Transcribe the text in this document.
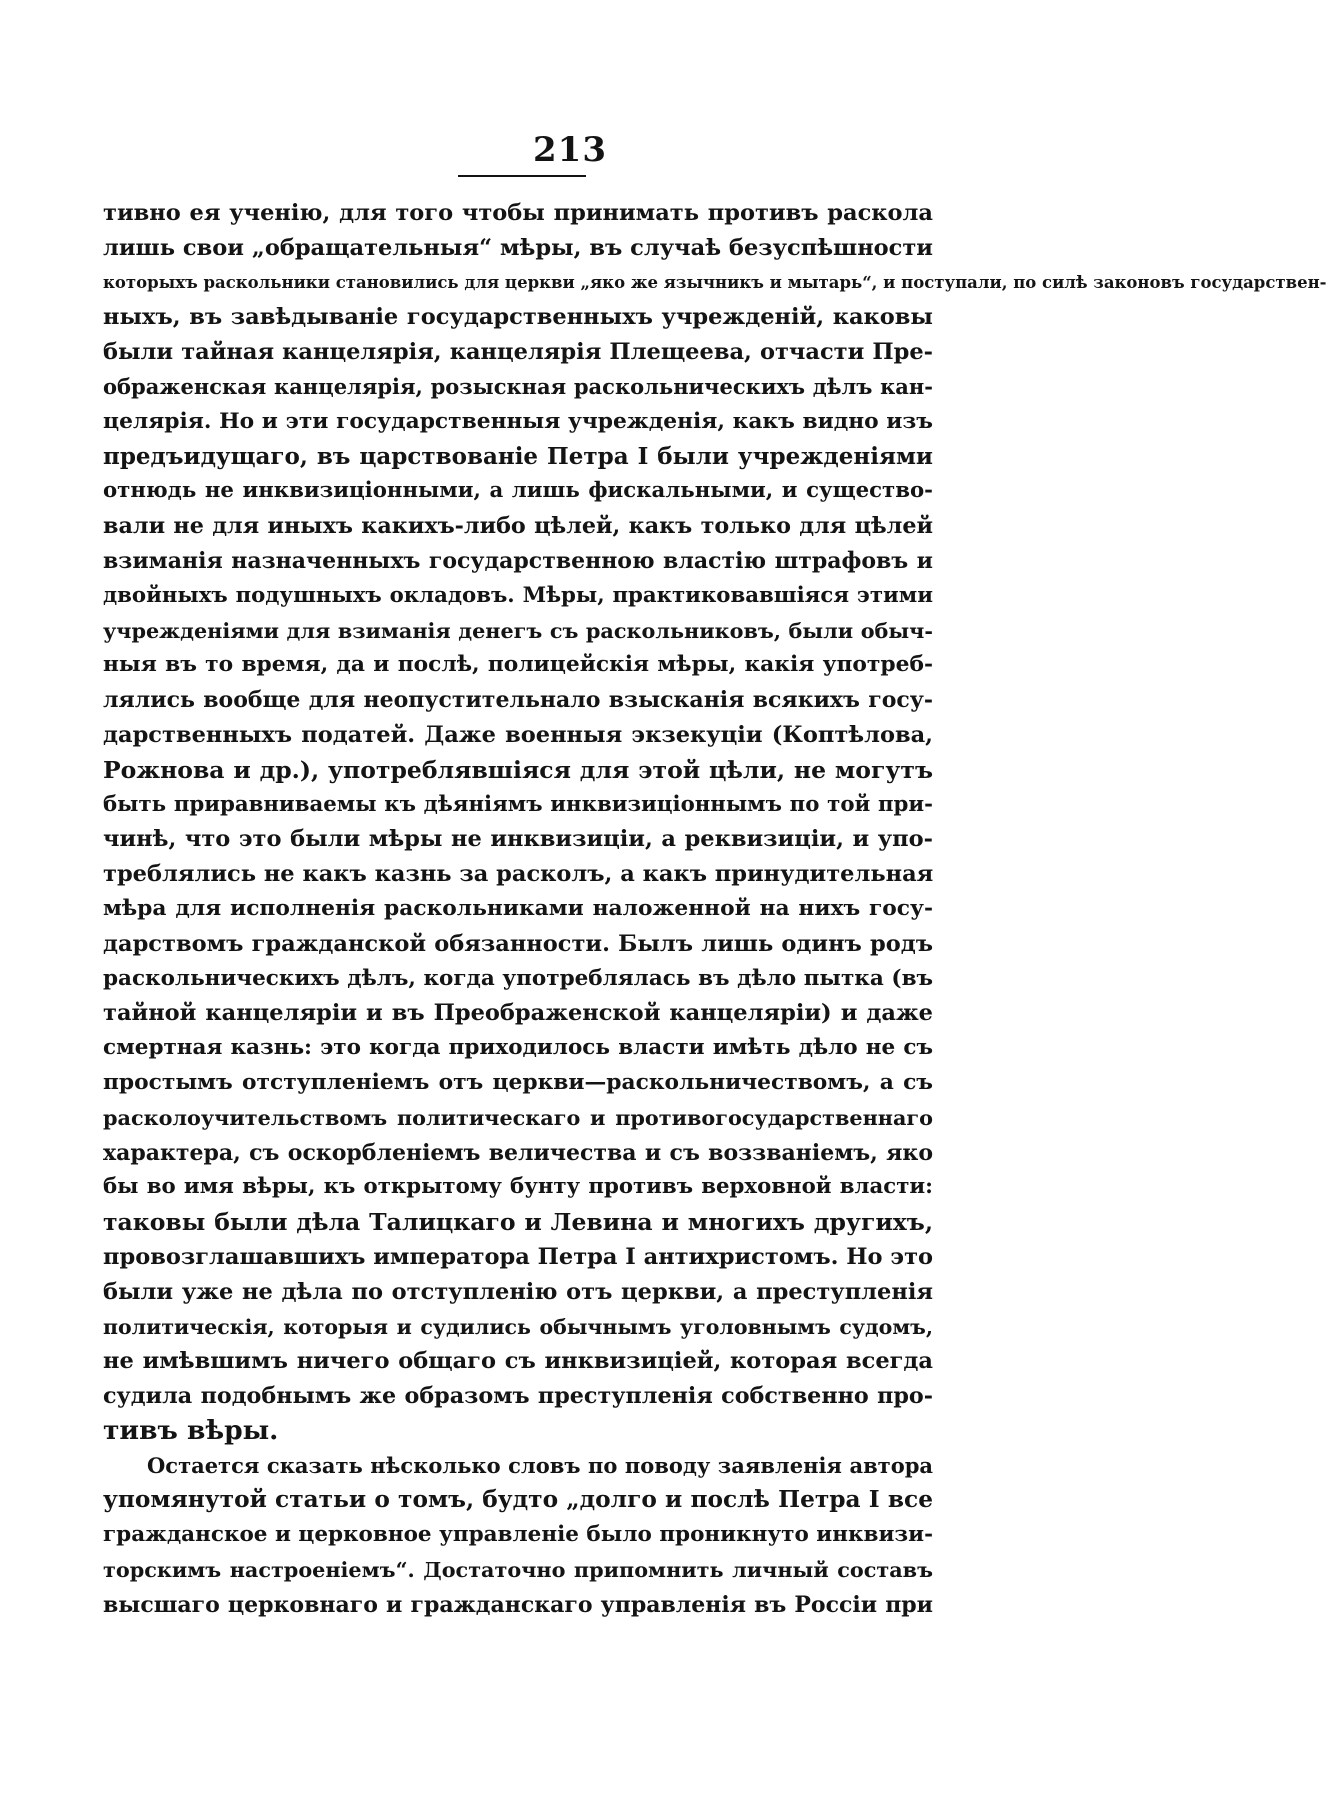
213
тивно ея ученію, для того чтобы принимать противъ раскола
лишь свои „обращательныя“ мѣры, въ случаѣ безуспѣшности
которыхъ раскольники становились для церкви „яко же язычникъ и мытарь“, и поступали, по силѣ законовъ государствен-
ныхъ, въ завѣдываніе государственныхъ учрежденій, каковы
были тайная канцелярія, канцелярія Плещеева, отчасти Пре-
ображенская канцелярія, розыскная раскольническихъ дѣлъ кан-
целярія. Но и эти государственныя учрежденія, какъ видно изъ
предъидущаго, въ царствованіе Петра I были учрежденіями
отнюдь не инквизиціонными, а лишь фискальными, и существо-
вали не для иныхъ какихъ-либо цѣлей, какъ только для цѣлей
взиманія назначенныхъ государственною властію штрафовъ и
двойныхъ подушныхъ окладовъ. Мѣры, практиковавшіяся этими
учрежденіями для взиманія денегъ съ раскольниковъ, были обыч-
ныя въ то время, да и послѣ, полицейскія мѣры, какія употреб-
лялись вообще для неопустительнало взысканія всякихъ госу-
дарственныхъ податей. Даже военныя экзекуціи (Коптѣлова,
Рожнова и др.), употреблявшіяся для этой цѣли, не могутъ
быть приравниваемы къ дѣяніямъ инквизиціоннымъ по той при-
чинѣ, что это были мѣры не инквизиціи, а реквизиціи, и упо-
треблялись не какъ казнь за расколъ, а какъ принудительная
мѣра для исполненія раскольниками наложенной на нихъ госу-
дарствомъ гражданской обязанности. Былъ лишь одинъ родъ
раскольническихъ дѣлъ, когда употреблялась въ дѣло пытка (въ
тайной канцеляріи и въ Преображенской канцеляріи) и даже
смертная казнь: это когда приходилось власти имѣть дѣло не съ
простымъ отступленіемъ отъ церкви—раскольничествомъ, а съ
расколоучительствомъ политическаго и противогосударственнаго
характера, съ оскорбленіемъ величества и съ воззваніемъ, яко
бы во имя вѣры, къ открытому бунту противъ верховной власти:
таковы были дѣла Талицкаго и Левина и многихъ другихъ,
провозглашавшихъ императора Петра I антихристомъ. Но это
были уже не дѣла по отступленію отъ церкви, а преступленія
политическія, которыя и судились обычнымъ уголовнымъ судомъ,
не имѣвшимъ ничего общаго съ инквизиціей, которая всегда
судила подобнымъ же образомъ преступленія собственно про-
тивъ вѣры.
Остается сказать нѣсколько словъ по поводу заявленія автора
упомянутой статьи о томъ, будто „долго и послѣ Петра I все
гражданское и церковное управленіе было проникнуто инквизи-
торскимъ настроеніемъ“. Достаточно припомнить личный составъ
высшаго церковнаго и гражданскаго управленія въ Россіи при
